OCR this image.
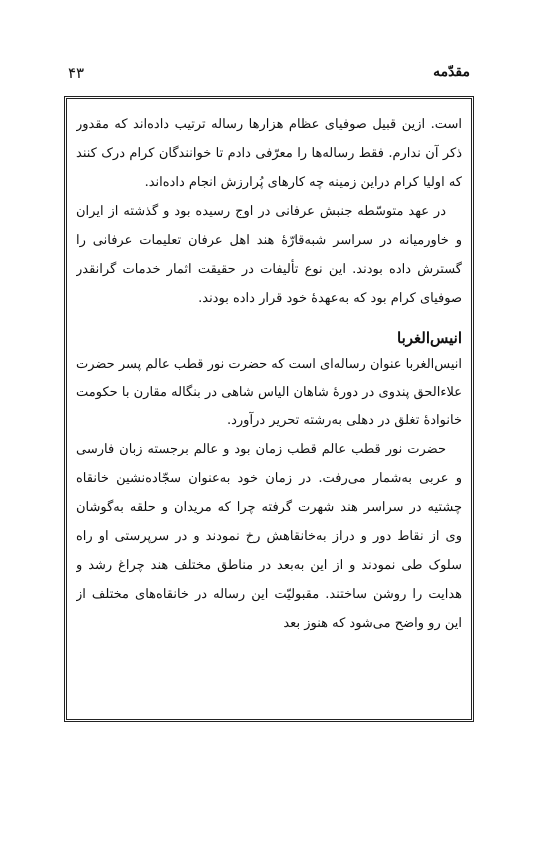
۴۳	مقدّمه

است. ازین قبیل صوفیای عظام هزارها رساله ترتیب داده‌اند که مقدور ذکر آن ندارم. فقط رساله‌ها را معرّفی دادم تا خوانندگان کرام درک کنند که اولیا کرام دراین زمینه چه کارهای پُرارزش انجام داده‌اند.

در عهد متوسّطه جنبش عرفانی در اوج رسیده بود و گذشته از ایران و خاورمیانه در سراسر شبه‌قارّهٔ هند اهل عرفان تعلیمات عرفانی را گسترش داده بودند. این نوع تألیفات در حقیقت اثمار خدمات گرانقدر صوفیای کرام بود که به‌عهدهٔ خود قرار داده بودند.

انیس‌الغربا

انیس‌الغربا عنوان رساله‌ای است که حضرت نور قطب عالم پسر حضرت علاءالحق پندوی در دورهٔ شاهان الیاس شاهی در بنگاله مقارن با حکومت خانوادهٔ تغلق در دهلی به‌رشته تحریر درآورد.

حضرت نور قطب عالم قطب زمان بود و عالم برجسته زبان فارسی و عربی به‌شمار می‌رفت. در زمان خود به‌عنوان سجّاده‌نشین خانقاه چشتیه در سراسر هند شهرت گرفته چرا که مریدان و حلقه به‌گوشان وی از نقاط دور و دراز به‌خانقاهش رخ نمودند و در سرپرستی او راه سلوک طی نمودند و از این به‌بعد در مناطق مختلف هند چراغ رشد و هدایت را روشن ساختند. مقبولیّت این رساله در خانقاه‌های مختلف از این رو واضح می‌شود که هنوز بعد
